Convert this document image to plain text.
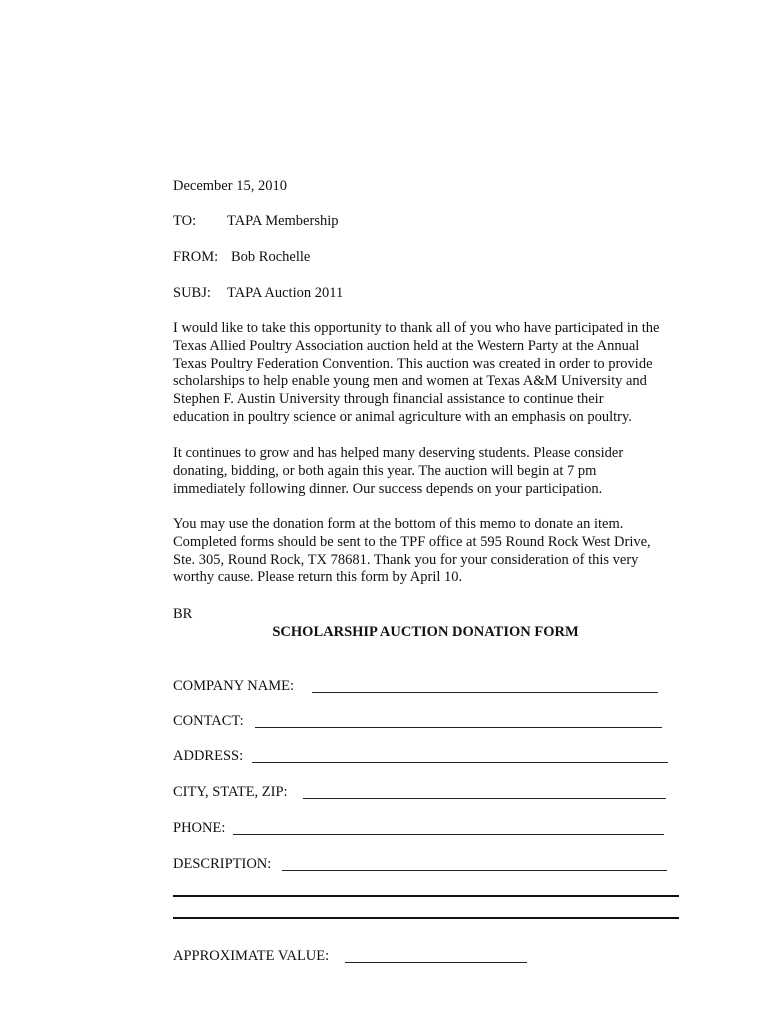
December 15, 2010
TO: TAPA Membership
FROM: Bob Rochelle
SUBJ: TAPA Auction 2011
I would like to take this opportunity to thank all of you who have participated in the
Texas Allied Poultry Association auction held at the Western Party at the Annual
Texas Poultry Federation Convention. This auction was created in order to provide
scholarships to help enable young men and women at Texas A&M University and
Stephen F. Austin University through financial assistance to continue their
education in poultry science or animal agriculture with an emphasis on poultry.
It continues to grow and has helped many deserving students. Please consider
donating, bidding, or both again this year. The auction will begin at 7 pm
immediately following dinner. Our success depends on your participation.
You may use the donation form at the bottom of this memo to donate an item.
Completed forms should be sent to the TPF office at 595 Round Rock West Drive,
Ste. 305, Round Rock, TX 78681. Thank you for your consideration of this very
worthy cause. Please return this form by April 10.
BR
SCHOLARSHIP AUCTION DONATION FORM
COMPANY NAME:
CONTACT:
ADDRESS:
CITY, STATE, ZIP:
PHONE:
DESCRIPTION:
APPROXIMATE VALUE:
